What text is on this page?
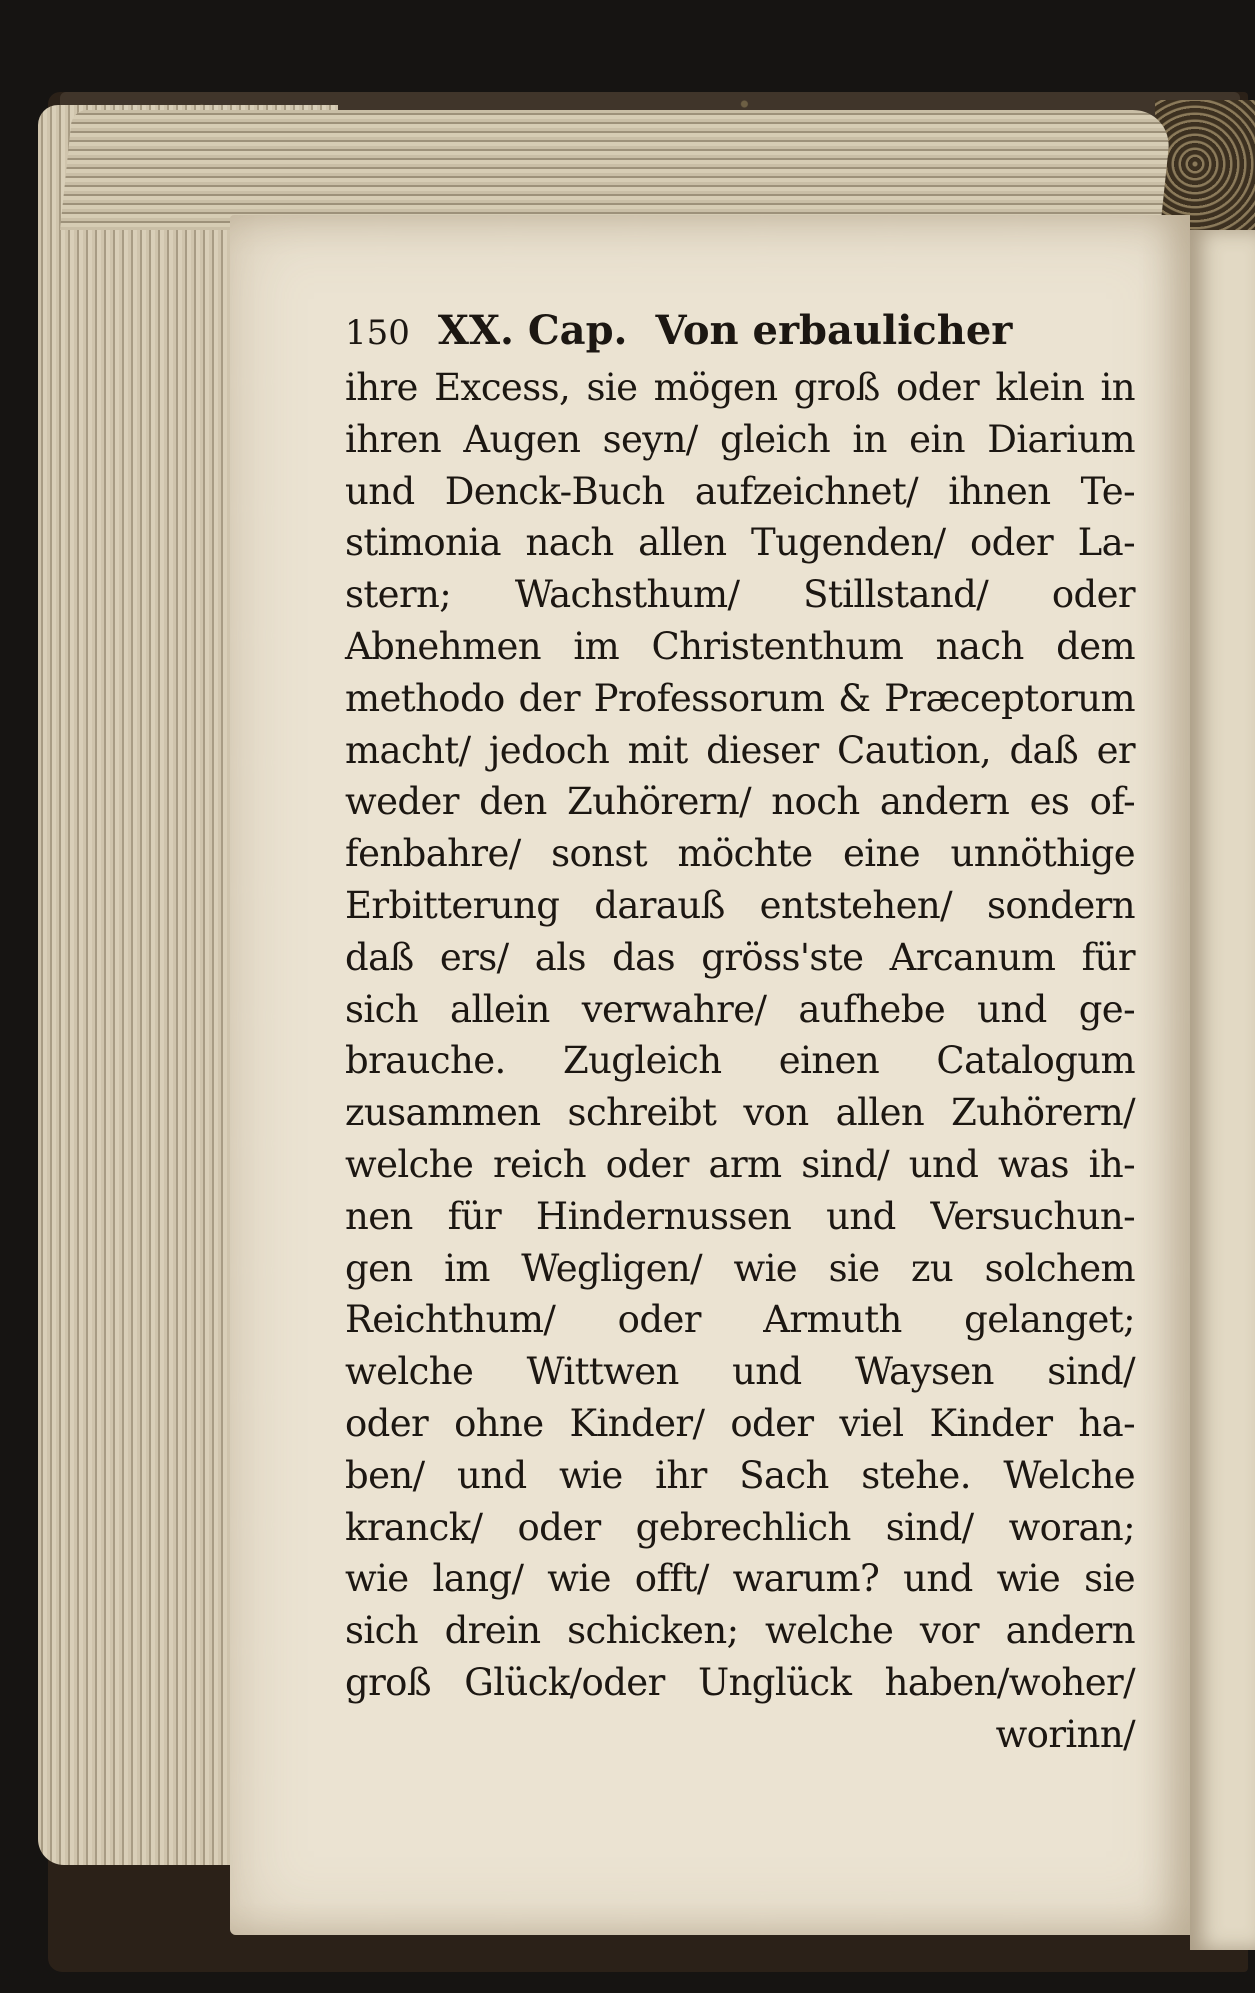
150 XX. Cap. Von erbaulicher
ihre Excess, sie mögen groß oder klein in
ihren Augen seyn/ gleich in ein Diarium
und Denck-Buch aufzeichnet/ ihnen Te-
stimonia nach allen Tugenden/ oder La-
stern; Wachsthum/ Stillstand/ oder
Abnehmen im Christenthum nach dem
methodo der Professorum & Præceptorum
macht/ jedoch mit dieser Caution, daß er
weder den Zuhörern/ noch andern es of-
fenbahre/ sonst möchte eine unnöthige
Erbitterung darauß entstehen/ sondern
daß ers/ als das gröss'ste Arcanum für
sich allein verwahre/ aufhebe und ge-
brauche. Zugleich einen Catalogum
zusammen schreibt von allen Zuhörern/
welche reich oder arm sind/ und was ih-
nen für Hindernussen und Versuchun-
gen im Wegligen/ wie sie zu solchem
Reichthum/ oder Armuth gelanget;
welche Wittwen und Waysen sind/
oder ohne Kinder/ oder viel Kinder ha-
ben/ und wie ihr Sach stehe. Welche
kranck/ oder gebrechlich sind/ woran;
wie lang/ wie offt/ warum? und wie sie
sich drein schicken; welche vor andern
groß Glück/oder Unglück haben/woher/
worinn/
